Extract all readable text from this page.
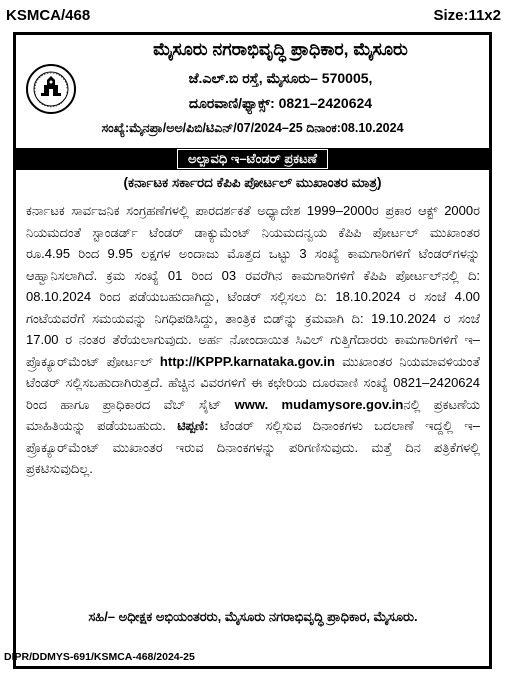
KSMCA/468	Size:11x2
ಮೈಸೂರು ನಗರಾಭಿವೃದ್ಧಿ ಪ್ರಾಧಿಕಾರ, ಮೈಸೂರು
ಜೆ.ಎಲ್.ಬಿ ರಸ್ತೆ, ಮೈಸೂರು– 570005,
ದೂರವಾಣಿ/ಫ್ಯಾಕ್ಸ್: 0821–2420624
ಸಂಖ್ಯೆ:ಮೈನಪ್ರಾ/ಅಅ/ಪಿಬಿ/ಟಿಎನ್/07/2024–25 ದಿನಾಂಕ:08.10.2024
ಅಲ್ಪಾವಧಿ ಇ–ಟೆಂಡರ್ ಪ್ರಕಟಣೆ
(ಕರ್ನಾಟಕ ಸರ್ಕಾರದ ಕೆಪಿಪಿ ಪೋರ್ಟಲ್ ಮುಖಾಂತರ ಮಾತ್ರ)
ಕರ್ನಾಟಕ ಸಾರ್ವಜನಿಕ ಸಂಗ್ರಹಣೆಗಳಲ್ಲಿ ಪಾರದರ್ಶಕತೆ ಅಧ್ಯಾದೇಶ 1999–2000ರ ಪ್ರಕಾರ ಆಕ್ಟ್ 2000ರ ನಿಯಮದಂತೆ ಸ್ಟಾಂಡರ್ಡ್ ಟೆಂಡರ್ ಡಾಕ್ಯುಮೆಂಟ್ ನಿಯಮದನ್ವಯ ಕೆಪಿಪಿ ಪೋರ್ಟಲ್ ಮುಖಾಂತರ ರೂ.4.95 ರಿಂದ 9.95 ಲಕ್ಷಗಳ ಅಂದಾಜು ಮೊತ್ತದ ಒಟ್ಟು 3 ಸಂಖ್ಯೆ ಕಾಮಗಾರಿಗಳಿಗೆ ಟೆಂಡರ್‌ಗಳನ್ನು ಆಹ್ವಾನಿಸಲಾಗಿದೆ. ಕ್ರಮ ಸಂಖ್ಯೆ 01 ರಿಂದ 03 ರವರೆಗಿನ ಕಾಮಗಾರಿಗಳಿಗೆ ಕೆಪಿಪಿ ಪೋರ್ಟಲ್‌ನಲ್ಲಿ ದಿ: 08.10.2024 ರಿಂದ ಪಡೆಯಬಹುದಾಗಿದ್ದು, ಟೆಂಡರ್ ಸಲ್ಲಿಸಲು ದಿ: 18.10.2024 ರ ಸಂಜೆ 4.00 ಗಂಟೆಯವರೆಗೆ ಸಮಯವನ್ನು ನಿಗಧಿಪಡಿಸಿದ್ದು, ತಾಂತ್ರಿಕ ಬಿಡ್‌ನ್ನು ಕ್ರಮವಾಗಿ ದಿ: 19.10.2024 ರ ಸಂಜೆ 17.00 ರ ನಂತರ ತೆರೆಯಲಾಗುವುದು. ಅರ್ಹ ನೋಂದಾಯಿತ ಸಿವಿಲ್ ಗುತ್ತಿಗೆದಾರರು ಕಾಮಗಾರಿಗಳಿಗೆ ಇ–ಪ್ರೊಕ್ಯೂರ್‌ಮೆಂಟ್ ಪೋರ್ಟಲ್ http://KPPP.karnataka.gov.in ಮುಖಾಂತರ ನಿಯಮಾವಳಿಯಂತೆ ಟೆಂಡರ್ ಸಲ್ಲಿಸಬಹುದಾಗಿರುತ್ತದೆ. ಹೆಚ್ಚಿನ ವಿವರಗಳಿಗೆ ಈ ಕಛೇರಿಯ ದೂರವಾಣಿ ಸಂಖ್ಯೆ 0821–2420624 ರಿಂದ ಹಾಗೂ ಪ್ರಾಧಿಕಾರದ ವೆಬ್ ಸೈಟ್ www. mudamysore.gov.inನಲ್ಲಿ ಪ್ರಕಟಣೆಯ ಮಾಹಿತಿಯನ್ನು ಪಡೆಯಬಹುದು. ಟಿಪ್ಪಣಿ: ಟೆಂಡರ್ ಸಲ್ಲಿಸುವ ದಿನಾಂಕಗಳು ಬದಲಾಣೆ ಇದ್ದಲ್ಲಿ ಇ–ಪ್ರೊಕ್ಯೂರ್‌ಮೆಂಟ್ ಮುಖಾಂತರ ಇರುವ ದಿನಾಂಕಗಳನ್ನು ಪರಿಗಣಿಸುವುದು. ಮತ್ತೆ ದಿನ ಪತ್ರಿಕೆಗಳಲ್ಲಿ ಪ್ರಕಟಿಸುವುದಿಲ್ಲ.
ಸಹಿ/– ಅಧೀಕ್ಷಕ ಅಭಿಯಂತರರು, ಮೈಸೂರು ನಗರಾಭಿವೃದ್ಧಿ ಪ್ರಾಧಿಕಾರ, ಮೈಸೂರು.
DIPR/DDMYS-691/KSMCA-468/2024-25
